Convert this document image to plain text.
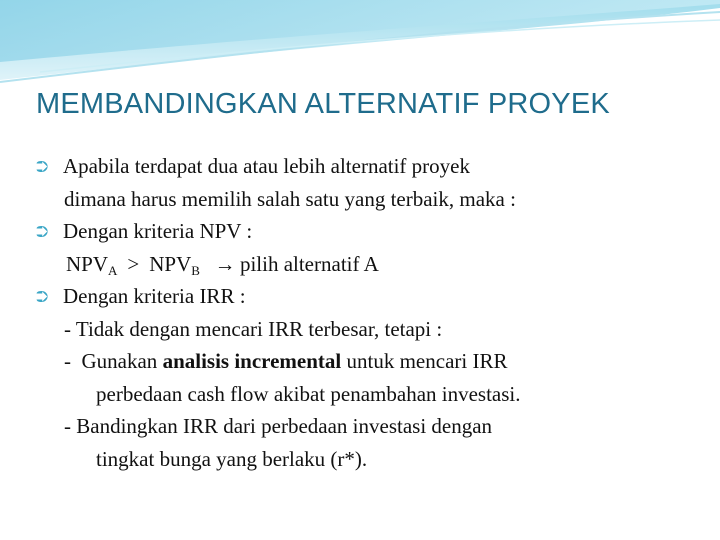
MEMBANDINGKAN ALTERNATIF PROYEK
⮊ Apabila terdapat dua atau lebih alternatif proyek
dimana harus memilih salah satu yang terbaik, maka :
⮊ Dengan kriteria NPV :
$NPV_A > NPV_B$ → pilih alternatif A
⮊ Dengan kriteria IRR :
- Tidak dengan mencari IRR terbesar, tetapi :
-  Gunakan analisis incremental untuk mencari IRR
perbedaan cash flow akibat penambahan investasi.
- Bandingkan IRR dari perbedaan investasi dengan
tingkat bunga yang berlaku (r*).
